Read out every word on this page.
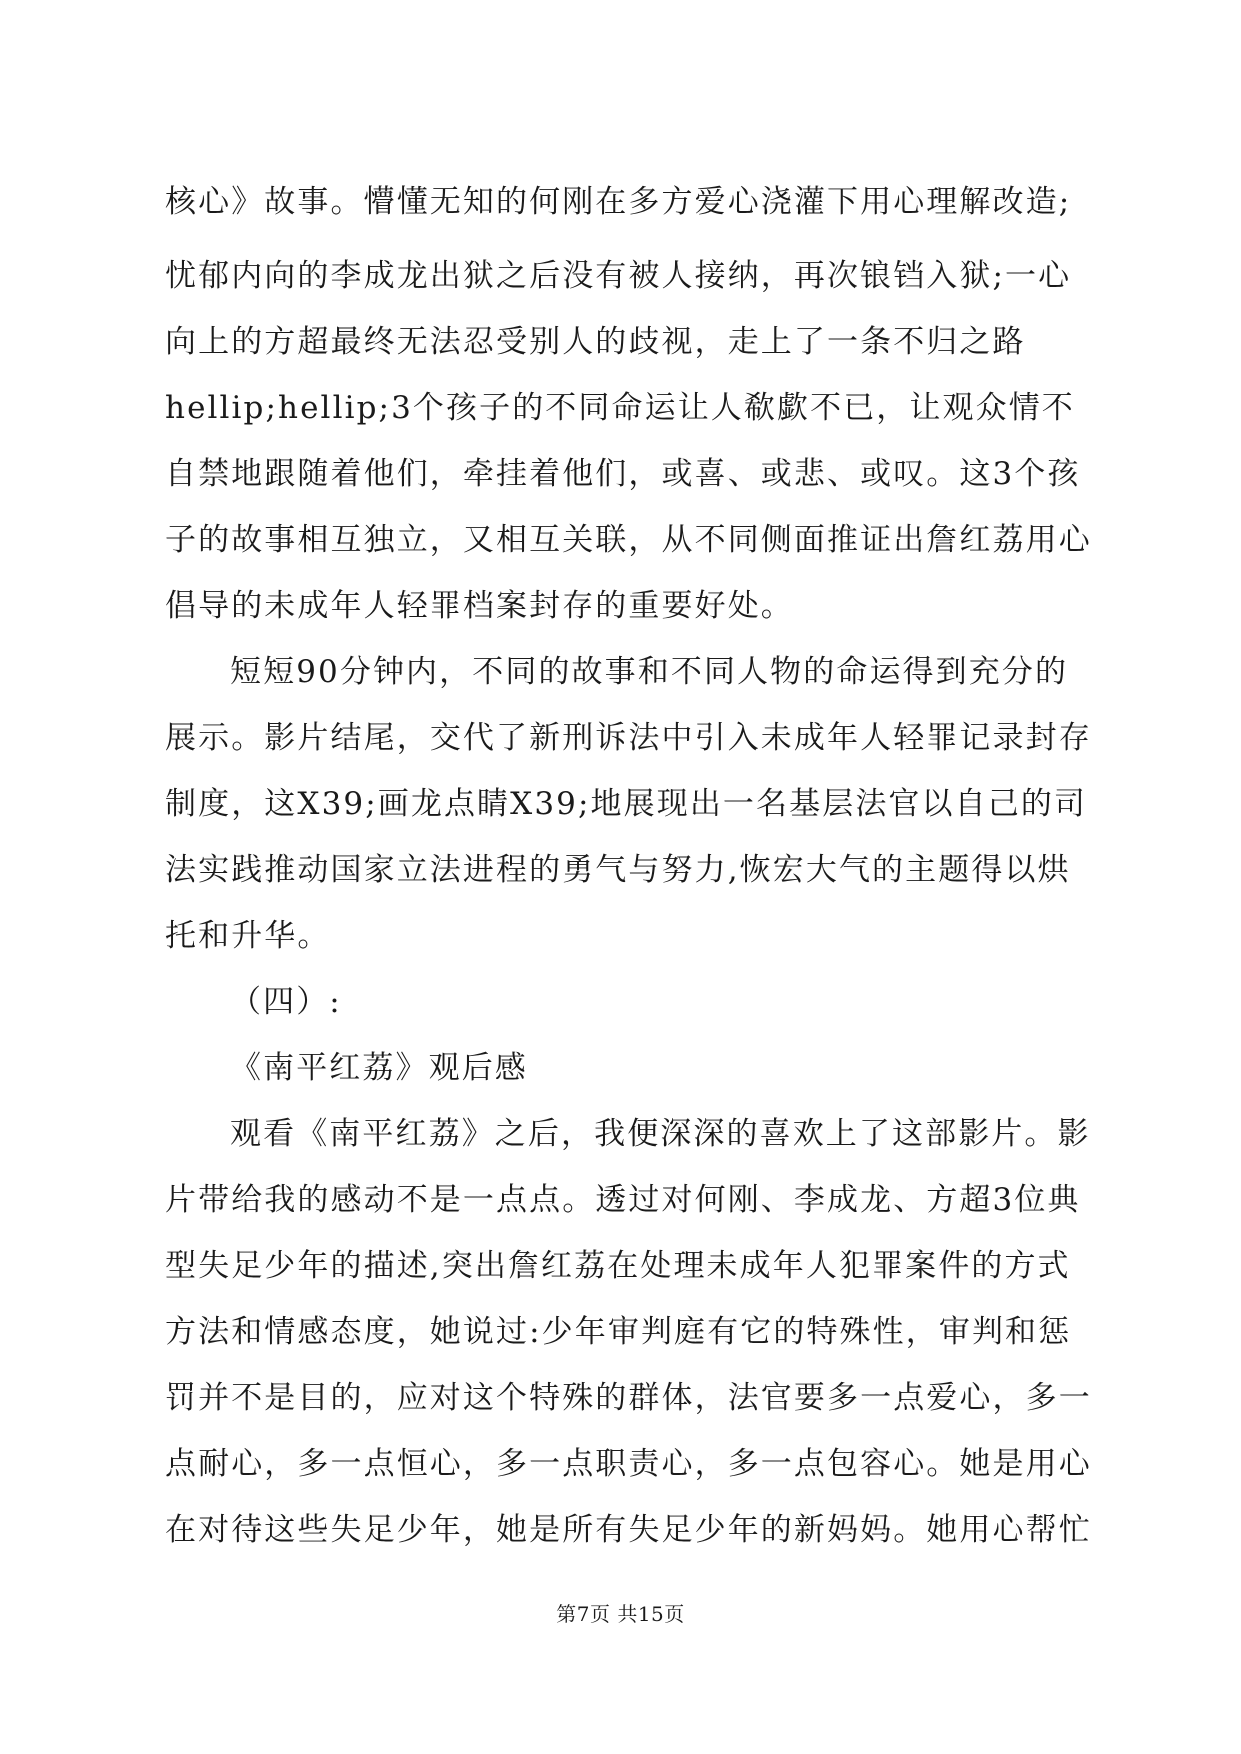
核心》故事。懵懂无知的何刚在多方爱心浇灌下用心理解改造;
忧郁内向的李成龙出狱之后没有被人接纳，再次锒铛入狱;一心
向上的方超最终无法忍受别人的歧视，走上了一条不归之路
hellip;hellip;3个孩子的不同命运让人欷歔不已，让观众情不
自禁地跟随着他们，牵挂着他们，或喜、或悲、或叹。这3个孩
子的故事相互独立，又相互关联，从不同侧面推证出詹红荔用心
倡导的未成年人轻罪档案封存的重要好处。
短短90分钟内，不同的故事和不同人物的命运得到充分的
展示。影片结尾，交代了新刑诉法中引入未成年人轻罪记录封存
制度，这X39;画龙点睛X39;地展现出一名基层法官以自己的司
法实践推动国家立法进程的勇气与努力,恢宏大气的主题得以烘
托和升华。
（四）:
《南平红荔》观后感
观看《南平红荔》之后，我便深深的喜欢上了这部影片。影
片带给我的感动不是一点点。透过对何刚、李成龙、方超3位典
型失足少年的描述,突出詹红荔在处理未成年人犯罪案件的方式
方法和情感态度，她说过:少年审判庭有它的特殊性，审判和惩
罚并不是目的，应对这个特殊的群体，法官要多一点爱心，多一
点耐心，多一点恒心，多一点职责心，多一点包容心。她是用心
在对待这些失足少年，她是所有失足少年的新妈妈。她用心帮忙
第7页 共15页
